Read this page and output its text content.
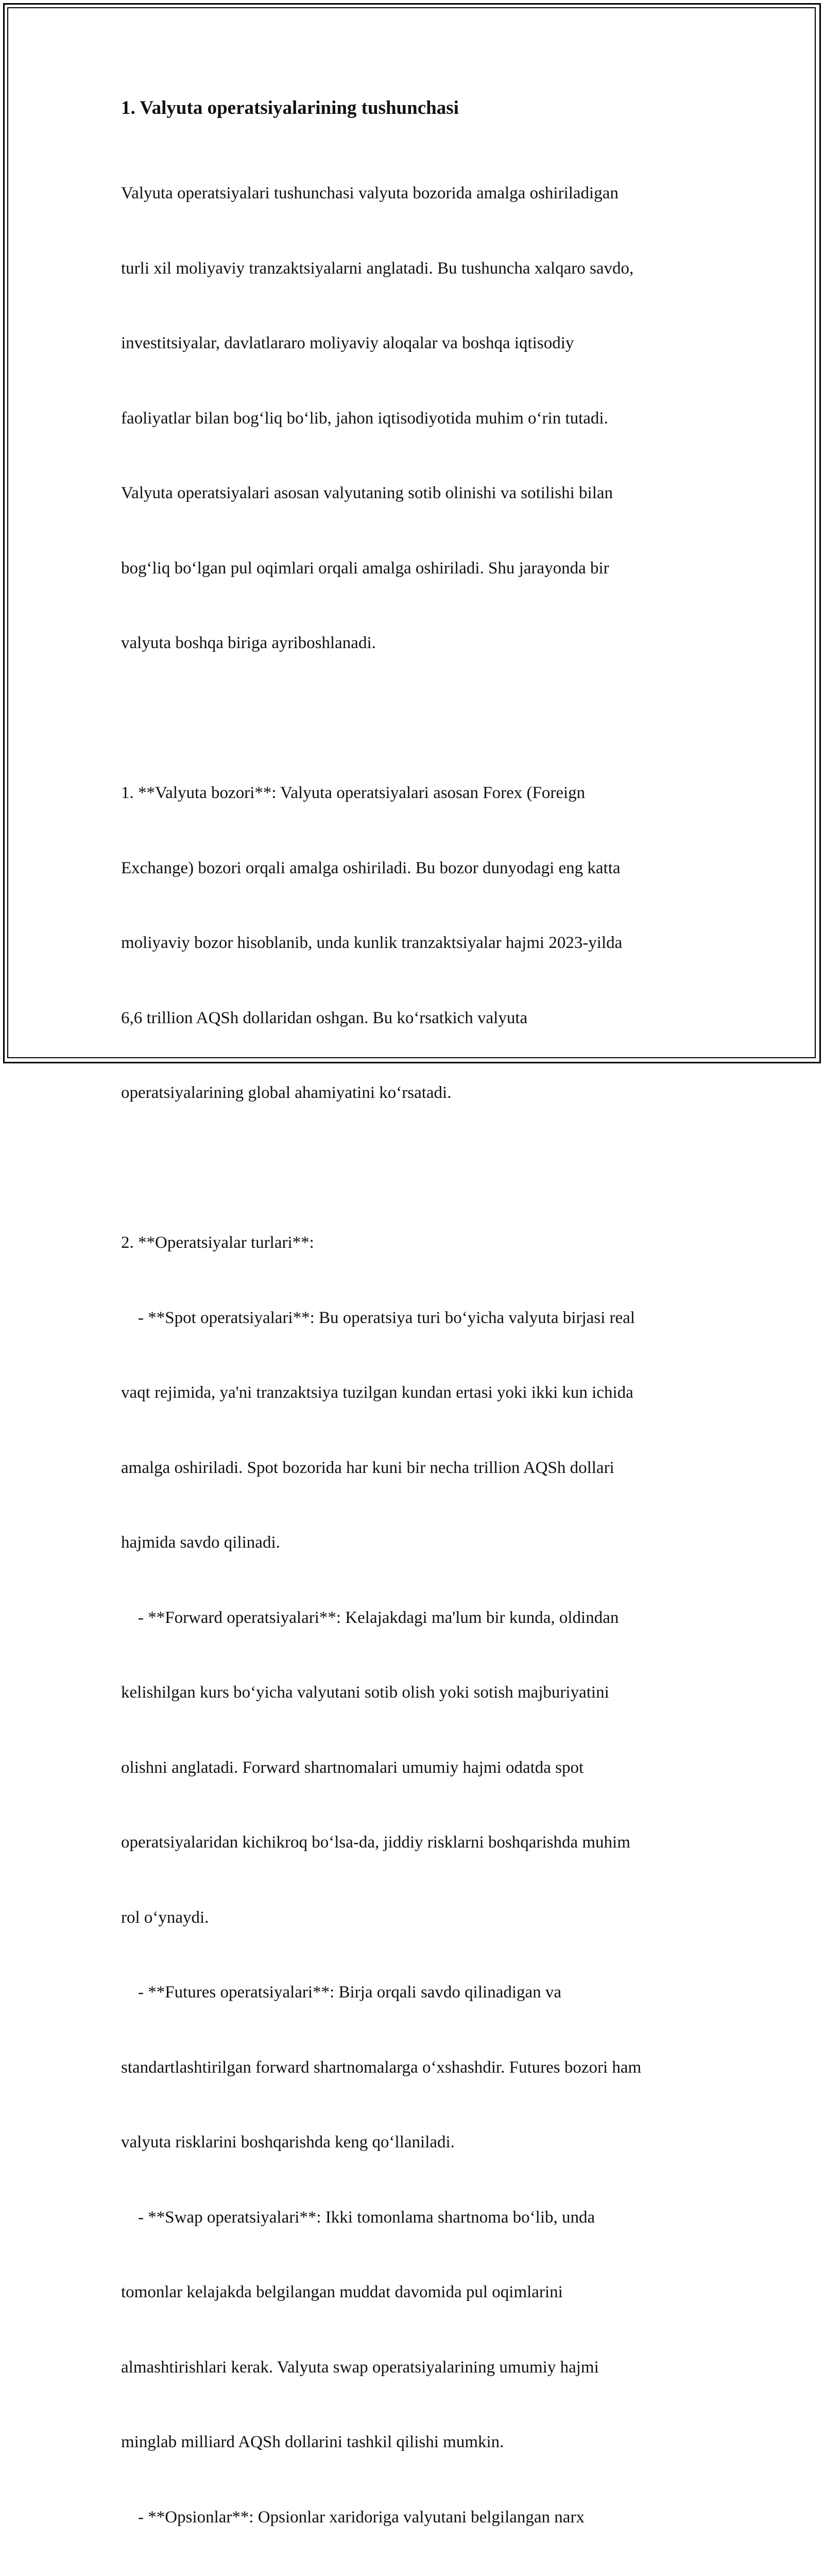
1. Valyuta operatsiyalarining tushunchasi

Valyuta operatsiyalari tushunchasi valyuta bozorida amalga oshiriladigan

turli xil moliyaviy tranzaktsiyalarni anglatadi. Bu tushuncha xalqaro savdo,

investitsiyalar, davlatlararo moliyaviy aloqalar va boshqa iqtisodiy

faoliyatlar bilan bog‘liq bo‘lib, jahon iqtisodiyotida muhim o‘rin tutadi.

Valyuta operatsiyalari asosan valyutaning sotib olinishi va sotilishi bilan

bog‘liq bo‘lgan pul oqimlari orqali amalga oshiriladi. Shu jarayonda bir

valyuta boshqa biriga ayriboshlanadi.

1. **Valyuta bozori**: Valyuta operatsiyalari asosan Forex (Foreign

Exchange) bozori orqali amalga oshiriladi. Bu bozor dunyodagi eng katta

moliyaviy bozor hisoblanib, unda kunlik tranzaktsiyalar hajmi 2023-yilda

6,6 trillion AQSh dollaridan oshgan. Bu ko‘rsatkich valyuta

operatsiyalarining global ahamiyatini ko‘rsatadi.

2. **Operatsiyalar turlari**:

- **Spot operatsiyalari**: Bu operatsiya turi bo‘yicha valyuta birjasi real

vaqt rejimida, ya'ni tranzaktsiya tuzilgan kundan ertasi yoki ikki kun ichida

amalga oshiriladi. Spot bozorida har kuni bir necha trillion AQSh dollari

hajmida savdo qilinadi.

- **Forward operatsiyalari**: Kelajakdagi ma'lum bir kunda, oldindan

kelishilgan kurs bo‘yicha valyutani sotib olish yoki sotish majburiyatini

olishni anglatadi. Forward shartnomalari umumiy hajmi odatda spot

operatsiyalaridan kichikroq bo‘lsa-da, jiddiy risklarni boshqarishda muhim

rol o‘ynaydi.

- **Futures operatsiyalari**: Birja orqali savdo qilinadigan va

standartlashtirilgan forward shartnomalarga o‘xshashdir. Futures bozori ham

valyuta risklarini boshqarishda keng qo‘llaniladi.

- **Swap operatsiyalari**: Ikki tomonlama shartnoma bo‘lib, unda

tomonlar kelajakda belgilangan muddat davomida pul oqimlarini

almashtirishlari kerak. Valyuta swap operatsiyalarining umumiy hajmi

minglab milliard AQSh dollarini tashkil qilishi mumkin.

- **Opsionlar**: Opsionlar xaridoriga valyutani belgilangan narx
